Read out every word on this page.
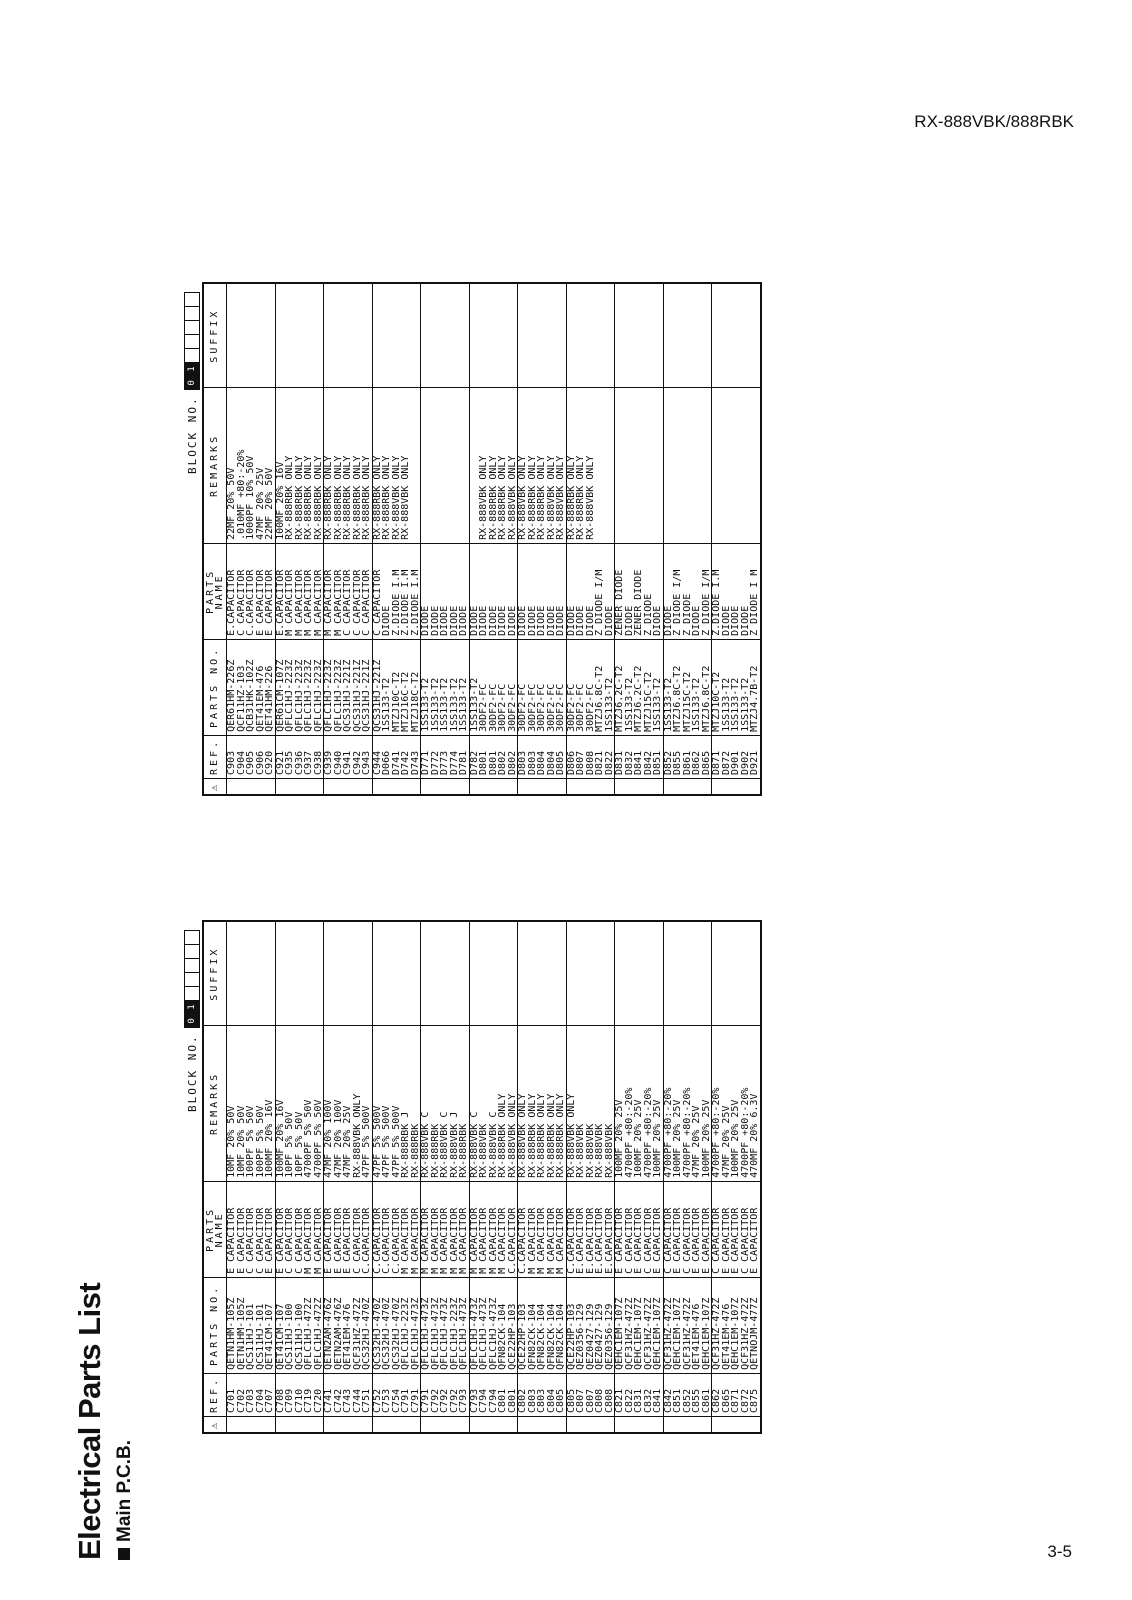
RX-888VBK/888RBK
Electrical Parts List Main P.C.B.
BLOCK NO.
0
1
⚠	REF.	PARTS NO.	PARTS NAME	REMARKS	SUFFIX
	C701	QETN1HM-105Z	E CAPACITOR	10MF 20% 50V	
	C702	QETN1HM-105Z	E CAPACITOR	10MF 20% 50V	
	C703	QCS11HJ-101	C CAPACITOR	100PF 5% 50V	
	C704	QCS11HJ-101	C CAPACITOR	100PF 5% 50V	
	C707	QET41CM-107	E CAPACITOR	100MF 20% 16V	
	C708	QET41CM-107	E CAPACITOR	100MF 20% 16V	
	C709	QCS11HJ-100	C CAPACITOR	10PF 5% 50V	
	C710	QCS11HJ-100	C CAPACITOR	10PF 5% 50V	
	C719	QFLC1HJ-472Z	M CAPACITOR	4700PF 5% 50V	
	C720	QFLC1HJ-472Z	M CAPACITOR	4700PF 5% 50V	
	C741	QETN2AM-476Z	E CAPACITOR	47MF 20% 100V	
	C742	QETN2AM-476Z	E CAPACITOR	47MF 20% 100V	
	C743	QET41EM-476	E CAPACITOR	47MF 20% 25V	
	C744	QCF31HZ-472Z	C CAPACITOR	RX-888VBK ONLY	
	C751	QCS32HJ-470Z	C.CAPACITOR	47PF 5% 500V	
	C752	QCS32HJ-470Z	C.CAPACITOR	47PF 5% 500V	
	C753	QCS32HJ-470Z	C.CAPACITOR	47PF 5% 500V	
	C754	QCS32HJ-470Z	C.CAPACITOR	47PF 5% 500V	
	C791	QFLC1HJ-223Z	M CAPACITOR	RX-888RBK J	
	C791	QFLC1HJ-473Z	M CAPACITOR	RX-888RBK	
	C791	QFLC1HJ-473Z	M CAPACITOR	RX-888VBK C	
	C792	QFLC1HJ-473Z	M CAPACITOR	RX-888RBK	
	C792	QFLC1HJ-473Z	M CAPACITOR	RX-888VBK C	
	C792	QFLC1HJ-223Z	M CAPACITOR	RX-888VBK J	
	C793	QFLC1HJ-473Z	M CAPACITOR	RX-888RBK	
	C793	QFLC1HJ-473Z	M CAPACITOR	RX-888VBK C	
	C794	QFLC1HJ-473Z	M CAPACITOR	RX-888VBK	
	C794	QFLC1HJ-473Z	M CAPACITOR	RX-888VBK C	
	C801	QFN82CK-104	M CAPACITOR	RX-888RBK ONLY	
	C801	QCE22HP-103	C.CAPACITOR	RX-888VBK ONLY	
	C802	QCE22HP-103	C.CAPACITOR	RX-888VBK ONLY	
	C803	QFN82CK-104	M CAPACITOR	RX-888RBK ONLY	
	C803	QFN82CK-104	M CAPACITOR	RX-888RBK ONLY	
	C804	QFN82CK-104	M CAPACITOR	RX-888RBK ONLY	
	C805	QFN82CK-104	M CAPACITOR	RX-888RBK ONLY	
	C805	QCE22HP-103	C.CAPACITOR	RX-888VBK ONLY	
	C807	QEZ0356-129	E.CAPACITOR	RX-888VBK	
	C807	QEZ0427-129	E.CAPACITOR	RX-888VBK	
	C808	QEZ0427-129	E.CAPACITOR	RX-888VBK	
	C808	QEZ0356-129	E.CAPACITOR	RX-888VBK	
	C821	QEHC1EM-107Z	E CAPACITOR	100MF 20% 25V	
	C822	QCF31HZ-472Z	C CAPACITOR	4700PF +80:-20%	
	C831	QEHC1EM-107Z	E CAPACITOR	100MF 20% 25V	
	C832	QCF31HZ-472Z	C CAPACITOR	4700PF +80:-20%	
	C841	QEHC1EM-107Z	E CAPACITOR	100MF 20% 25V	
	C842	QCF31HZ-472Z	C CAPACITOR	4700PF +80:-20%	
	C851	QEHC1EM-107Z	E CAPACITOR	100MF 20% 25V	
	C852	QCF31HZ-472Z	C CAPACITOR	4700PF +80:-20%	
	C855	QET41EM-476	E CAPACITOR	47MF 20% 25V	
	C861	QEHC1EM-107Z	E CAPACITOR	100MF 20% 25V	
	C862	QCF31HZ-472Z	C CAPACITOR	4700PF +80:-20%	
	C865	QET41EM-476	E CAPACITOR	47MF 20% 25V	
	C871	QEHC1EM-107Z	E CAPACITOR	100MF 20% 25V	
	C872	QCF31HZ-472Z	C CAPACITOR	4700PF +80:-20%	
	C875	QETNOJM-477Z	E CAPACITOR	470MF 20% 6.3V	
BLOCK NO.
0
1
⚠	REF.	PARTS NO.	PARTS NAME	REMARKS	SUFFIX
	C903	QER61HM-226Z	E.CAPACITOR	22MF 20% 50V	
	C904	QCF11HZ-103	C CAPACITOR	.010MF +80:-20%	
	C905	QCB31HK-102Z	C.CAPACITOR	1000PF 10% 50V	
	C906	QET41EM-476	E CAPACITOR	47MF 20% 25V	
	C920	QET41HM-226	E CAPACITOR	22MF 20% 50V	
	C921	QER61CM-107Z	E.CAPACITOR	100MF 20% 16V	
	C935	QFLC1HJ-223Z	M CAPACITOR	RX-888RBK ONLY	
	C936	QFLC1HJ-223Z	M CAPACITOR	RX-888RBK ONLY	
	C937	QFLC1HJ-223Z	M CAPACITOR	RX-888RBK ONLY	
	C938	QFLC1HJ-223Z	M CAPACITOR	RX-888RBK ONLY	
	C939	QFLC1HJ-223Z	M CAPACITOR	RX-888RBK ONLY	
	C940	QFLC1HJ-223Z	M CAPACITOR	RX-888RBK ONLY	
	C941	QCS31HJ-221Z	C CAPACITOR	RX-888RBK ONLY	
	C942	QCS31HJ-221Z	C CAPACITOR	RX-888RBK ONLY	
	C943	QCS31HJ-221Z	C CAPACITOR	RX-888RBK ONLY	
	C944	QCS31HJ-221Z	C CAPACITOR	RX-888RBK ONLY	
	D066	1SS133-T2	DIODE	RX-888RBK ONLY	
	D741	MTZJ10C-T2	Z.DIODE I.M	RX-888VBK ONLY	
	D742	MTZJ16C-T2	Z.DIODE I.M	RX-888VBK ONLY	
	D743	MTZJ18C-T2	Z.DIODE I.M		
	D771	1SS133-T2	DIODE		
	D772	1SS133-T2	DIODE		
	D773	1SS133-T2	DIODE		
	D774	1SS133-T2	DIODE		
	D781	1SS133-T2	DIODE		
	D782	1SS133-T2	DIODE		
	D801	30DF2-FC	DIODE	RX-888VBK ONLY	
	D801	30DF2-FC	DIODE	RX-888RBK ONLY	
	D802	30DF2-FC	DIODE	RX-888RBK ONLY	
	D802	30DF2-FC	DIODE	RX-888VBK ONLY	
	D803	30DF2-FC	DIODE	RX-888VBK ONLY	
	D803	30DF2-FC	DIODE	RX-888RBK ONLY	
	D804	30DF2-FC	DIODE	RX-888RBK ONLY	
	D804	30DF2-FC	DIODE	RX-888VBK ONLY	
	D805	30DF2-FC	DIODE	RX-888VBK ONLY	
	D806	30DF2-FC	DIODE	RX-888RBK ONLY	
	D807	30DF2-FC	DIODE	RX-888RBK ONLY	
	D808	30DF2-FC	DIODE	RX-888VBK ONLY	
	D821	MTZJ6.8C-T2	Z DIODE I/M		
	D822	1SS133-T2	DIODE		
	D831	MTZJ6.2C-T2	ZENER DIODE		
	D832	1SS133-T2	DIODE		
	D841	MTZJ6.2C-T2	ZENER DIODE		
	D842	MTZJ15C-T2	Z DIODE		
	D851	1SS133-T2	DIODE		
	D852	1SS133-T2	DIODE		
	D855	MTZJ6.8C-T2	Z DIODE I/M		
	D861	MTZJ15C-T2	Z DIODE		
	D862	1SS133-T2	DIODE		
	D865	MTZJ6.8C-T2	Z DIODE I/M		
	D871	MTZJ10C-T2	Z.DIODE I.M		
	D872	1SS133-T2	DIODE		
	D901	1SS133-T2	DIODE		
	D902	1SS133-T2	DIODE		
	D921	MTZJ4.7B-T2	Z DIODE I M		
3-5
